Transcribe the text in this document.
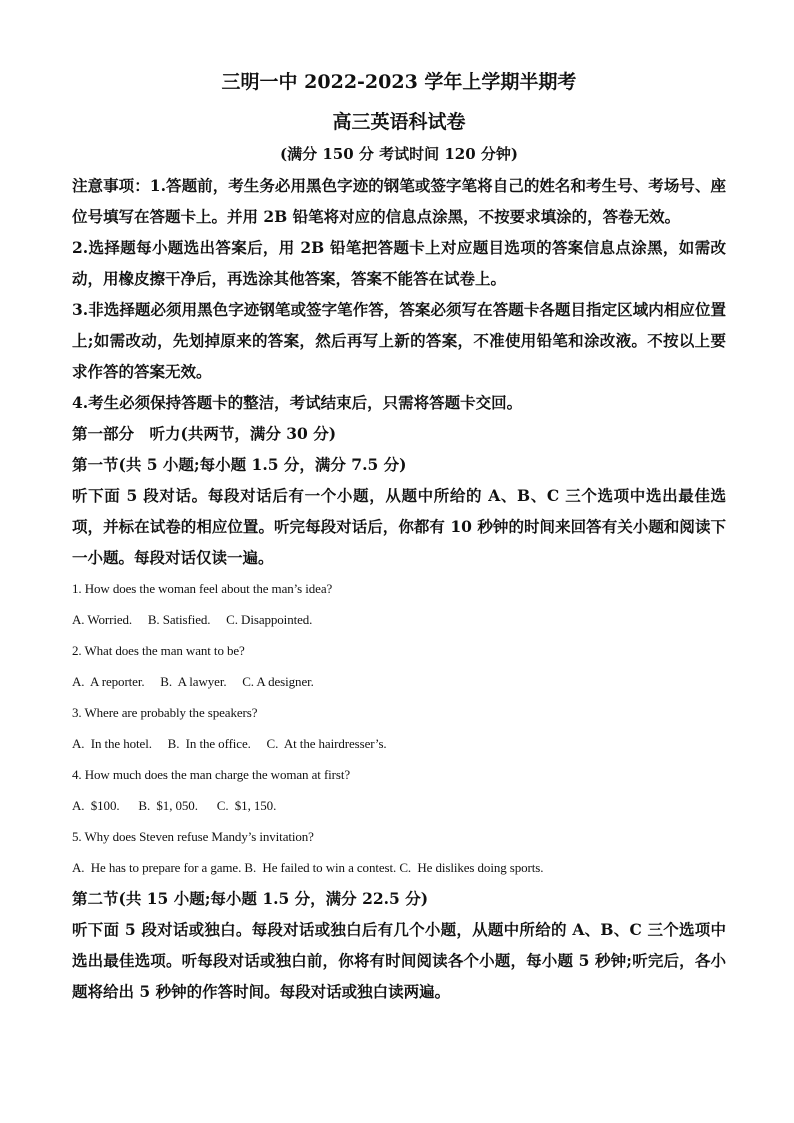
三明一中 2022-2023 学年上学期半期考
高三英语科试卷
(满分 150 分 考试时间 120 分钟)

注意事项：1.答题前，考生务必用黑色字迹的钢笔或签字笔将自己的姓名和考生号、考场号、座位号填写在答题卡上。并用 2B 铅笔将对应的信息点涂黑，不按要求填涂的，答卷无效。

2.选择题每小题选出答案后，用 2B 铅笔把答题卡上对应题目选项的答案信息点涂黑，如需改动，用橡皮擦干净后，再选涂其他答案，答案不能答在试卷上。

3.非选择题必须用黑色字迹钢笔或签字笔作答，答案必须写在答题卡各题目指定区域内相应位置上;如需改动，先划掉原来的答案，然后再写上新的答案，不准使用铅笔和涂改液。不按以上要求作答的答案无效。

4.考生必须保持答题卡的整洁，考试结束后，只需将答题卡交回。

第一部分　听力(共两节，满分 30 分)

第一节(共 5 小题;每小题 1.5 分，满分 7.5 分)

听下面 5 段对话。每段对话后有一个小题，从题中所给的 A、B、C 三个选项中选出最佳选项，并标在试卷的相应位置。听完每段对话后，你都有 10 秒钟的时间来回答有关小题和阅读下一小题。每段对话仅读一遍。

1. How does the woman feel about the man’s idea?

A. Worried.     B. Satisfied.     C. Disappointed.

2. What does the man want to be?

A.  A reporter.     B.  A lawyer.     C. A designer.

3. Where are probably the speakers?

A.  In the hotel.     B.  In the office.     C.  At the hairdresser’s.

4. How much does the man charge the woman at first?

A.  $100.      B.  $1, 050.      C.  $1, 150.

5. Why does Steven refuse Mandy’s invitation?

A.  He has to prepare for a game. B.  He failed to win a contest. C.  He dislikes doing sports.

第二节(共 15 小题;每小题 1.5 分，满分 22.5 分)

听下面 5 段对话或独白。每段对话或独白后有几个小题，从题中所给的 A、B、C 三个选项中选出最佳选项。听每段对话或独白前，你将有时间阅读各个小题，每小题 5 秒钟;听完后，各小题将给出 5 秒钟的作答时间。每段对话或独白读两遍。
